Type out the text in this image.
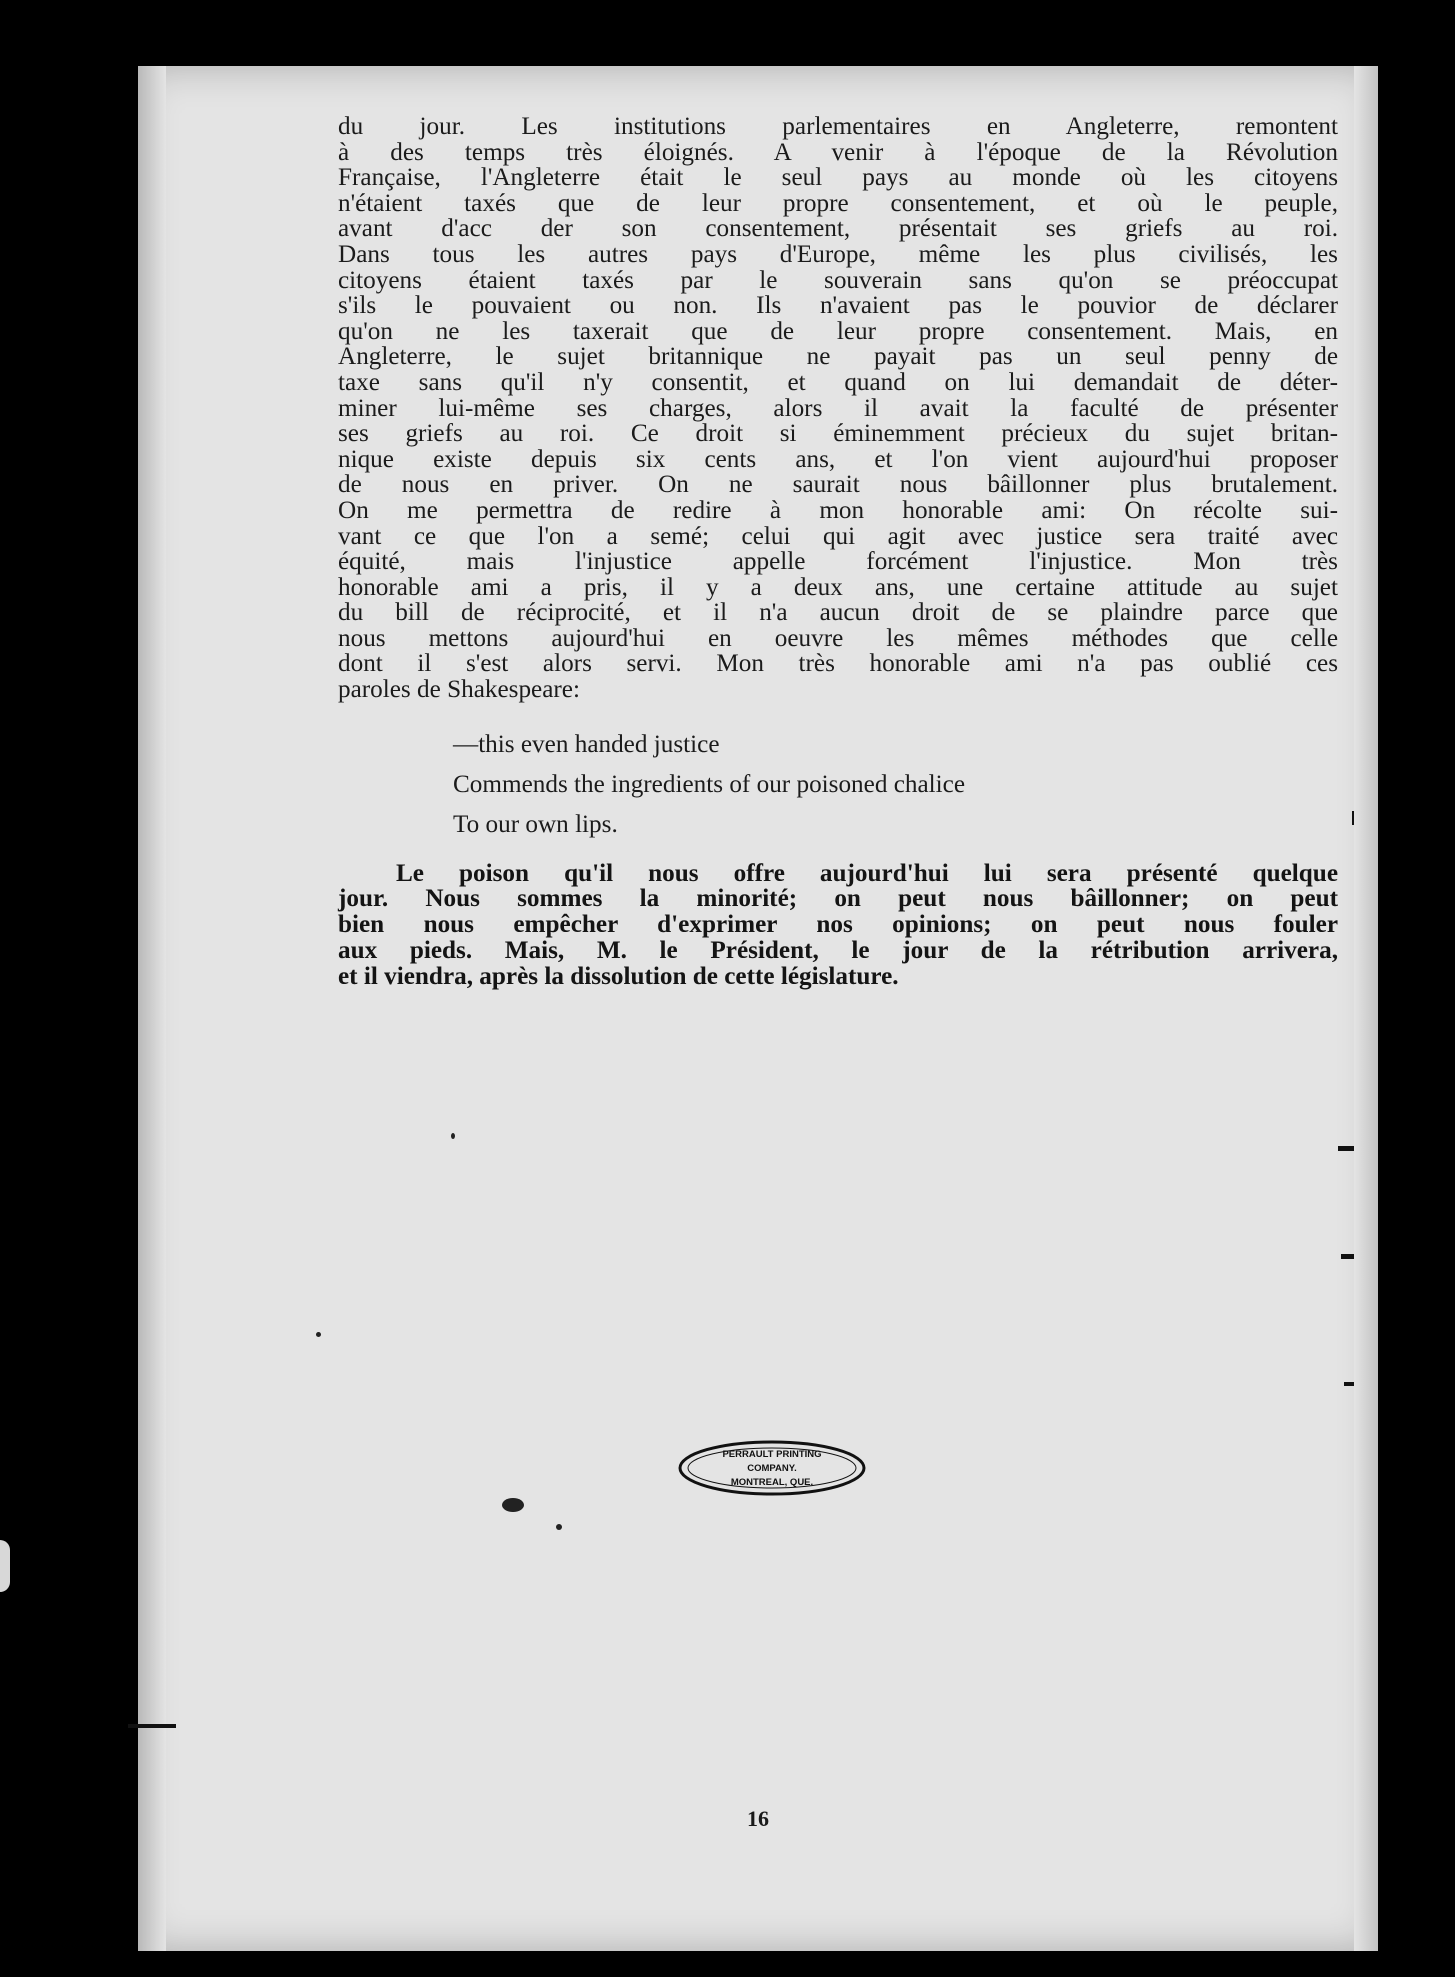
du jour. Les institutions parlementaires en Angleterre, remontent
à des temps très éloignés. A venir à l'époque de la Révolution
Française, l'Angleterre était le seul pays au monde où les citoyens
n'étaient taxés que de leur propre consentement, et où le peuple,
avant d'acc der son consentement, présentait ses griefs au roi.
Dans tous les autres pays d'Europe, même les plus civilisés, les
citoyens étaient taxés par le souverain sans qu'on se préoccupat
s'ils le pouvaient ou non. Ils n'avaient pas le pouvior de déclarer
qu'on ne les taxerait que de leur propre consentement. Mais, en
Angleterre, le sujet britannique ne payait pas un seul penny de
taxe sans qu'il n'y consentit, et quand on lui demandait de déter-
miner lui-même ses charges, alors il avait la faculté de présenter
ses griefs au roi. Ce droit si éminemment précieux du sujet britan-
nique existe depuis six cents ans, et l'on vient aujourd'hui proposer
de nous en priver. On ne saurait nous bâillonner plus brutalement.
On me permettra de redire à mon honorable ami: On récolte sui-
vant ce que l'on a semé; celui qui agit avec justice sera traité avec
équité, mais l'injustice appelle forcément l'injustice. Mon très
honorable ami a pris, il y a deux ans, une certaine attitude au sujet
du bill de réciprocité, et il n'a aucun droit de se plaindre parce que
nous mettons aujourd'hui en oeuvre les mêmes méthodes que celle
dont il s'est alors servi. Mon très honorable ami n'a pas oublié ces
paroles de Shakespeare:

—this even handed justice
Commends the ingredients of our poisoned chalice
To our own lips.

Le poison qu'il nous offre aujourd'hui lui sera présenté quelque
jour. Nous sommes la minorité; on peut nous bâillonner; on peut
bien nous empêcher d'exprimer nos opinions; on peut nous fouler
aux pieds. Mais, M. le Président, le jour de la rétribution arrivera,
et il viendra, après la dissolution de cette législature.

PERRAULT PRINTING
COMPANY.
MONTREAL, QUE.
16
